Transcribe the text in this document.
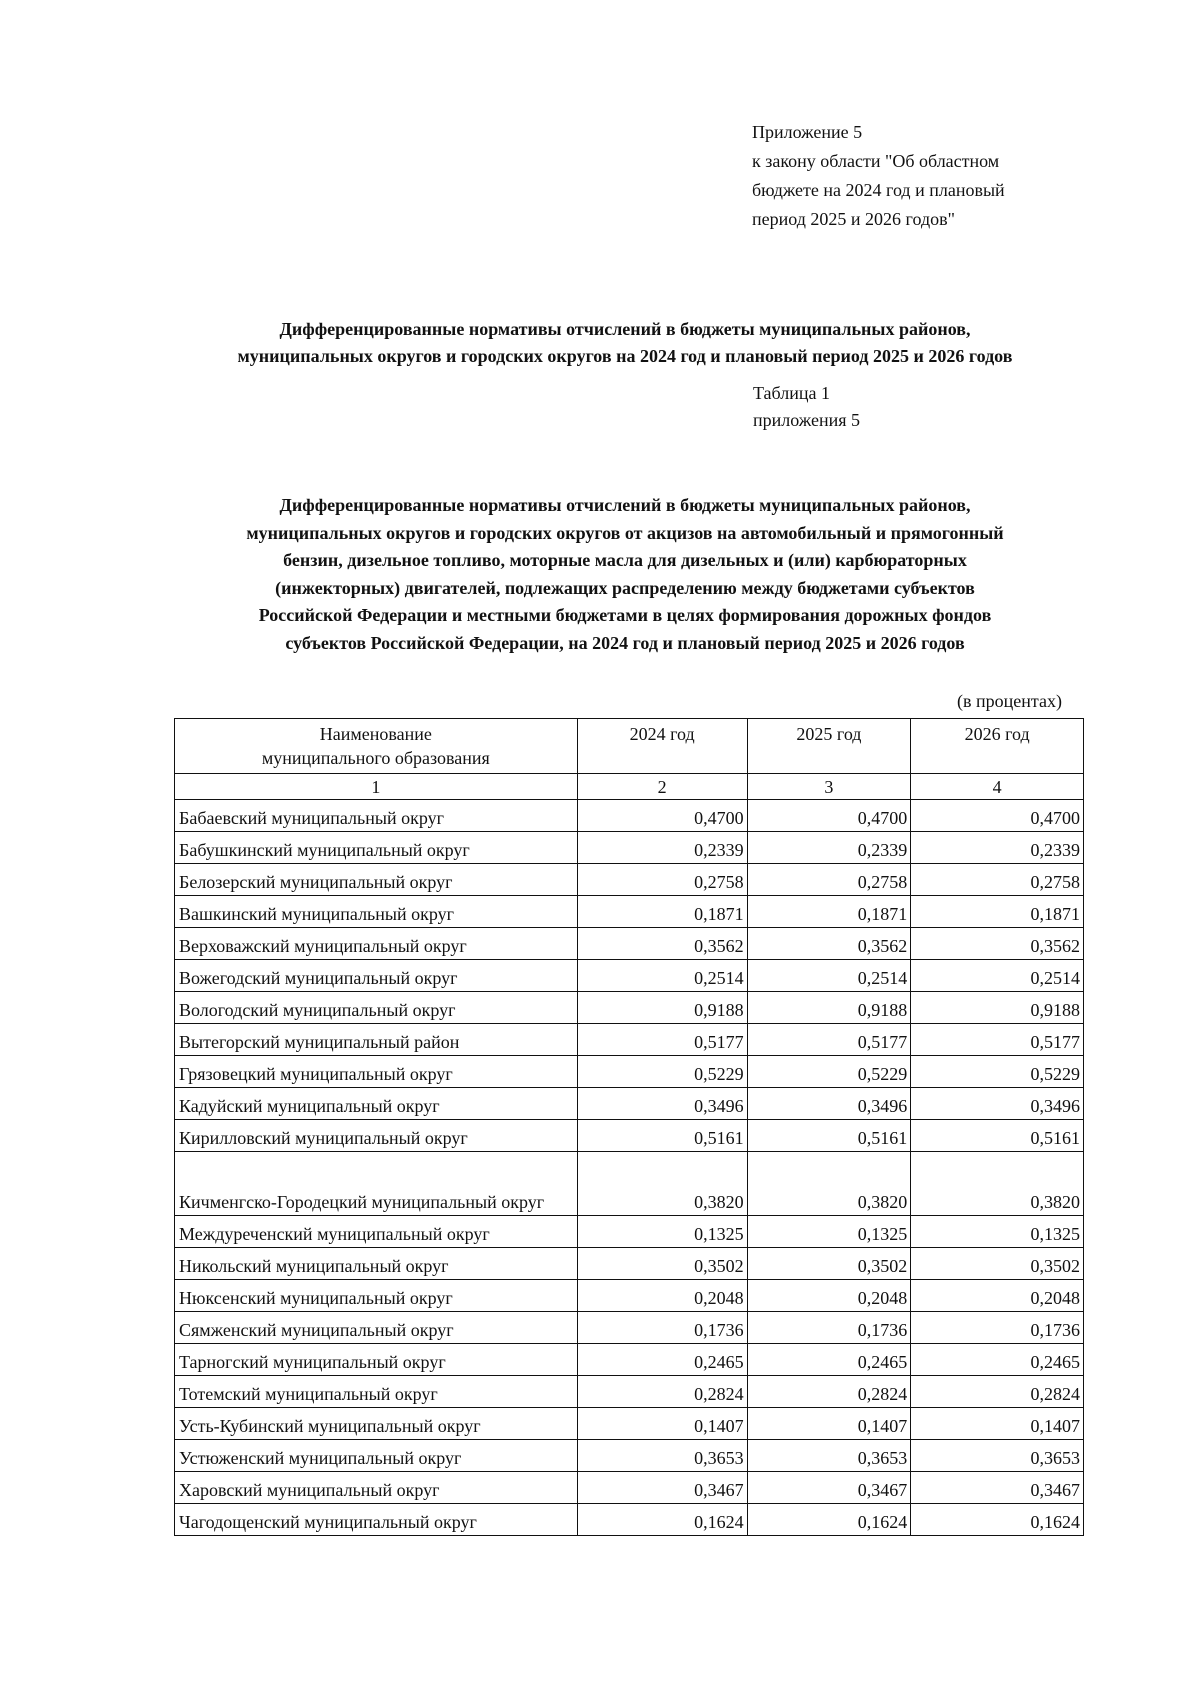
Приложение 5
к закону области "Об областном
бюджете на 2024 год и плановый
период 2025 и 2026 годов"
Дифференцированные нормативы отчислений в бюджеты муниципальных районов,
муниципальных округов и городских округов на 2024 год и плановый период 2025 и 2026 годов
Таблица 1
приложения 5
Дифференцированные нормативы отчислений в бюджеты муниципальных районов,
муниципальных округов и городских округов от акцизов на автомобильный и прямогонный
бензин, дизельное топливо, моторные масла для дизельных и (или) карбюраторных
(инжекторных) двигателей, подлежащих распределению между бюджетами субъектов
Российской Федерации и местными бюджетами в целях формирования дорожных фондов
субъектов Российской Федерации, на 2024 год и плановый период 2025 и 2026 годов
(в процентах)
Наименование
муниципального образования	2024 год	2025 год	2026 год
1	2	3	4
Бабаевский муниципальный округ	0,4700	0,4700	0,4700
Бабушкинский муниципальный округ	0,2339	0,2339	0,2339
Белозерский муниципальный округ	0,2758	0,2758	0,2758
Вашкинский муниципальный округ	0,1871	0,1871	0,1871
Верховажский муниципальный округ	0,3562	0,3562	0,3562
Вожегодский муниципальный округ	0,2514	0,2514	0,2514
Вологодский муниципальный округ	0,9188	0,9188	0,9188
Вытегорский муниципальный район	0,5177	0,5177	0,5177
Грязовецкий муниципальный округ	0,5229	0,5229	0,5229
Кадуйский муниципальный округ	0,3496	0,3496	0,3496
Кирилловский муниципальный округ	0,5161	0,5161	0,5161
Кичменгско-Городецкий муниципальный округ	0,3820	0,3820	0,3820
Междуреченский муниципальный округ	0,1325	0,1325	0,1325
Никольский муниципальный округ	0,3502	0,3502	0,3502
Нюксенский муниципальный округ	0,2048	0,2048	0,2048
Сямженский муниципальный округ	0,1736	0,1736	0,1736
Тарногский муниципальный округ	0,2465	0,2465	0,2465
Тотемский муниципальный округ	0,2824	0,2824	0,2824
Усть-Кубинский муниципальный округ	0,1407	0,1407	0,1407
Устюженский муниципальный округ	0,3653	0,3653	0,3653
Харовский муниципальный округ	0,3467	0,3467	0,3467
Чагодощенский муниципальный округ	0,1624	0,1624	0,1624
